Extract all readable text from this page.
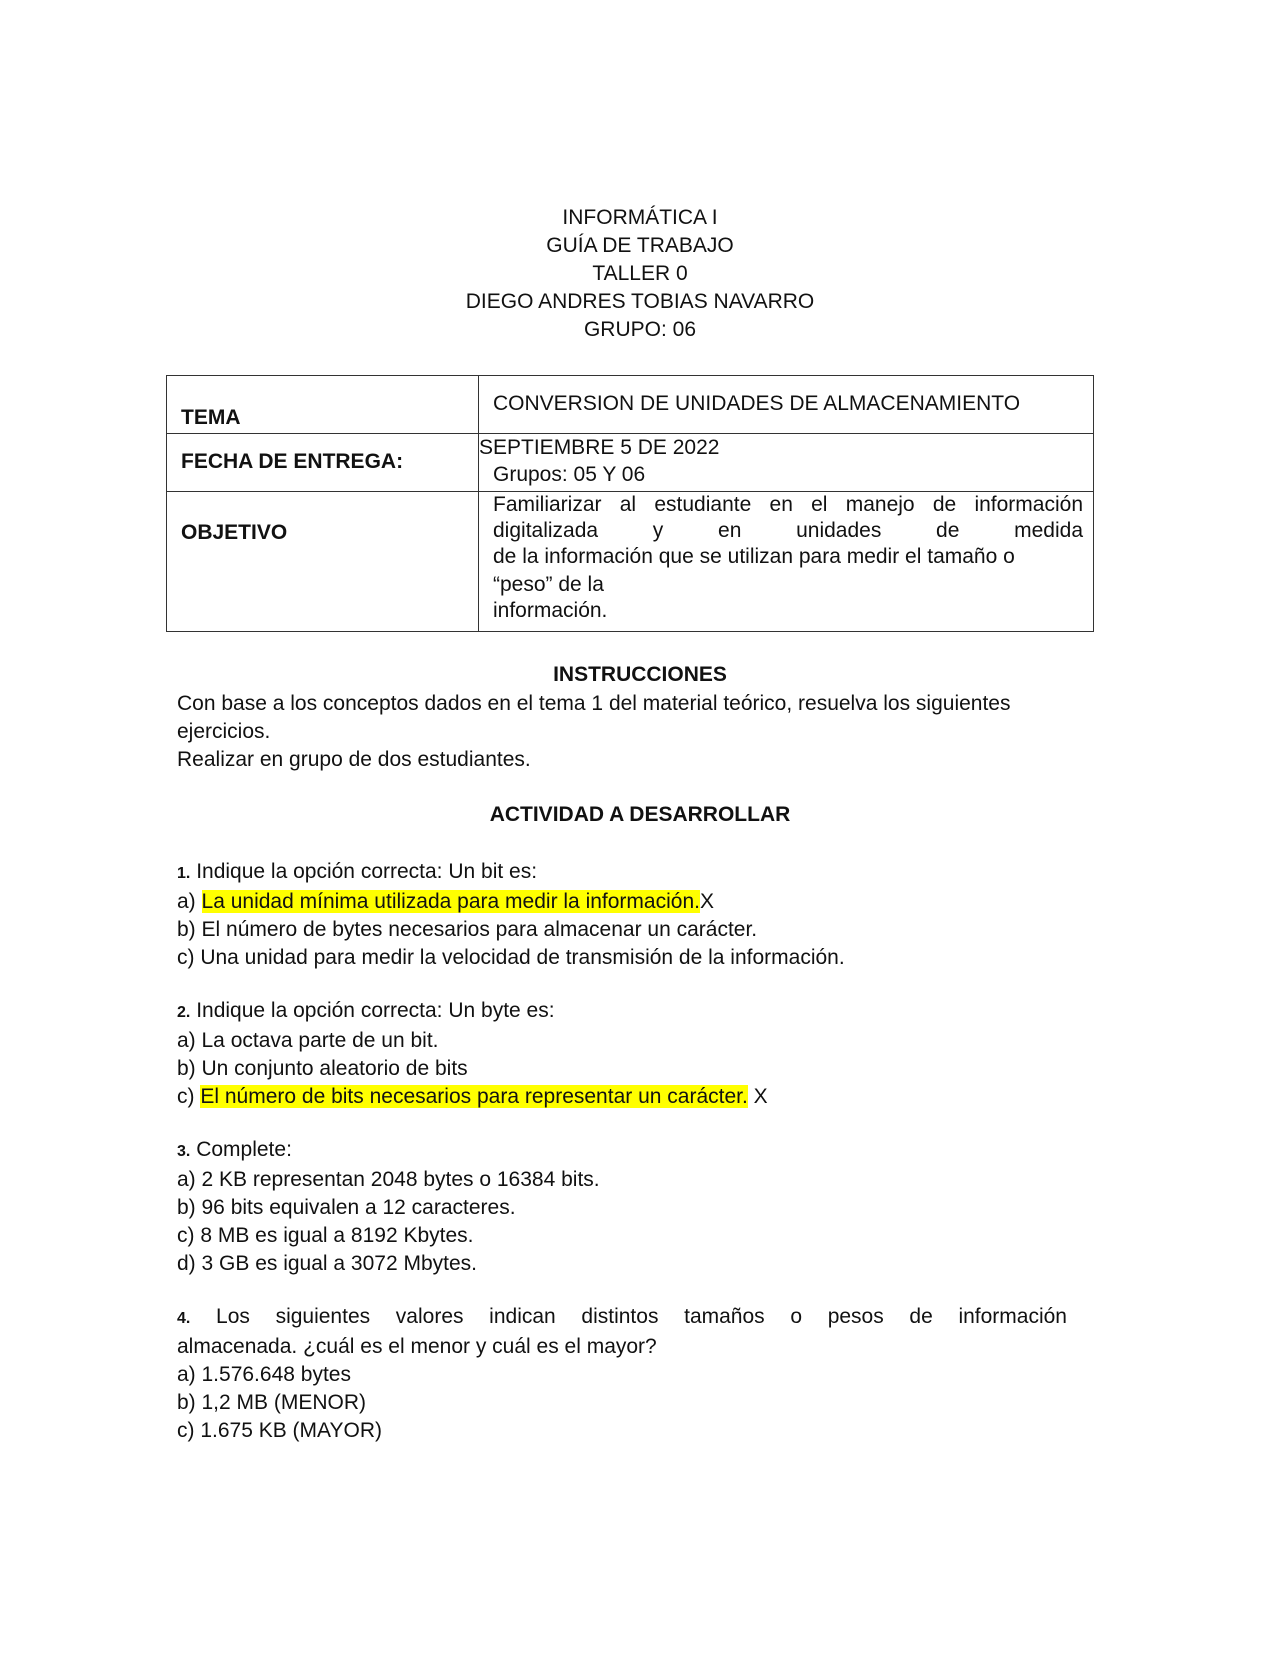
INFORMÁTICA I
GUÍA DE TRABAJO
TALLER 0
DIEGO ANDRES TOBIAS NAVARRO
GRUPO: 06
TEMA	CONVERSION DE UNIDADES DE ALMACENAMIENTO
FECHA DE ENTREGA:	SEPTIEMBRE 5 DE 2022
Grupos: 05 Y 06

OBJETIVO	Familiarizar al estudiante en el manejo de información
digitalizada y en unidades de medida
de la información que se utilizan para medir el tamaño o
“peso” de la
información.
INSTRUCCIONES

Con base a los conceptos dados en el tema 1 del material teórico, resuelva los siguientes

ejercicios.

Realizar en grupo de dos estudiantes.

ACTIVIDAD A DESARROLLAR

1. Indique la opción correcta: Un bit es:

a) La unidad mínima utilizada para medir la información.X

b) El número de bytes necesarios para almacenar un carácter.

c) Una unidad para medir la velocidad de transmisión de la información.

2. Indique la opción correcta: Un byte es:

a) La octava parte de un bit.

b) Un conjunto aleatorio de bits

c) El número de bits necesarios para representar un carácter. X

3. Complete:

a) 2 KB representan 2048 bytes o 16384 bits.

b) 96 bits equivalen a 12 caracteres.

c) 8 MB es igual a 8192 Kbytes.

d) 3 GB es igual a 3072 Mbytes.

4. Los siguientes valores indican distintos tamaños o pesos de información

almacenada. ¿cuál es el menor y cuál es el mayor?

a) 1.576.648 bytes

b) 1,2 MB (MENOR)

c) 1.675 KB (MAYOR)
